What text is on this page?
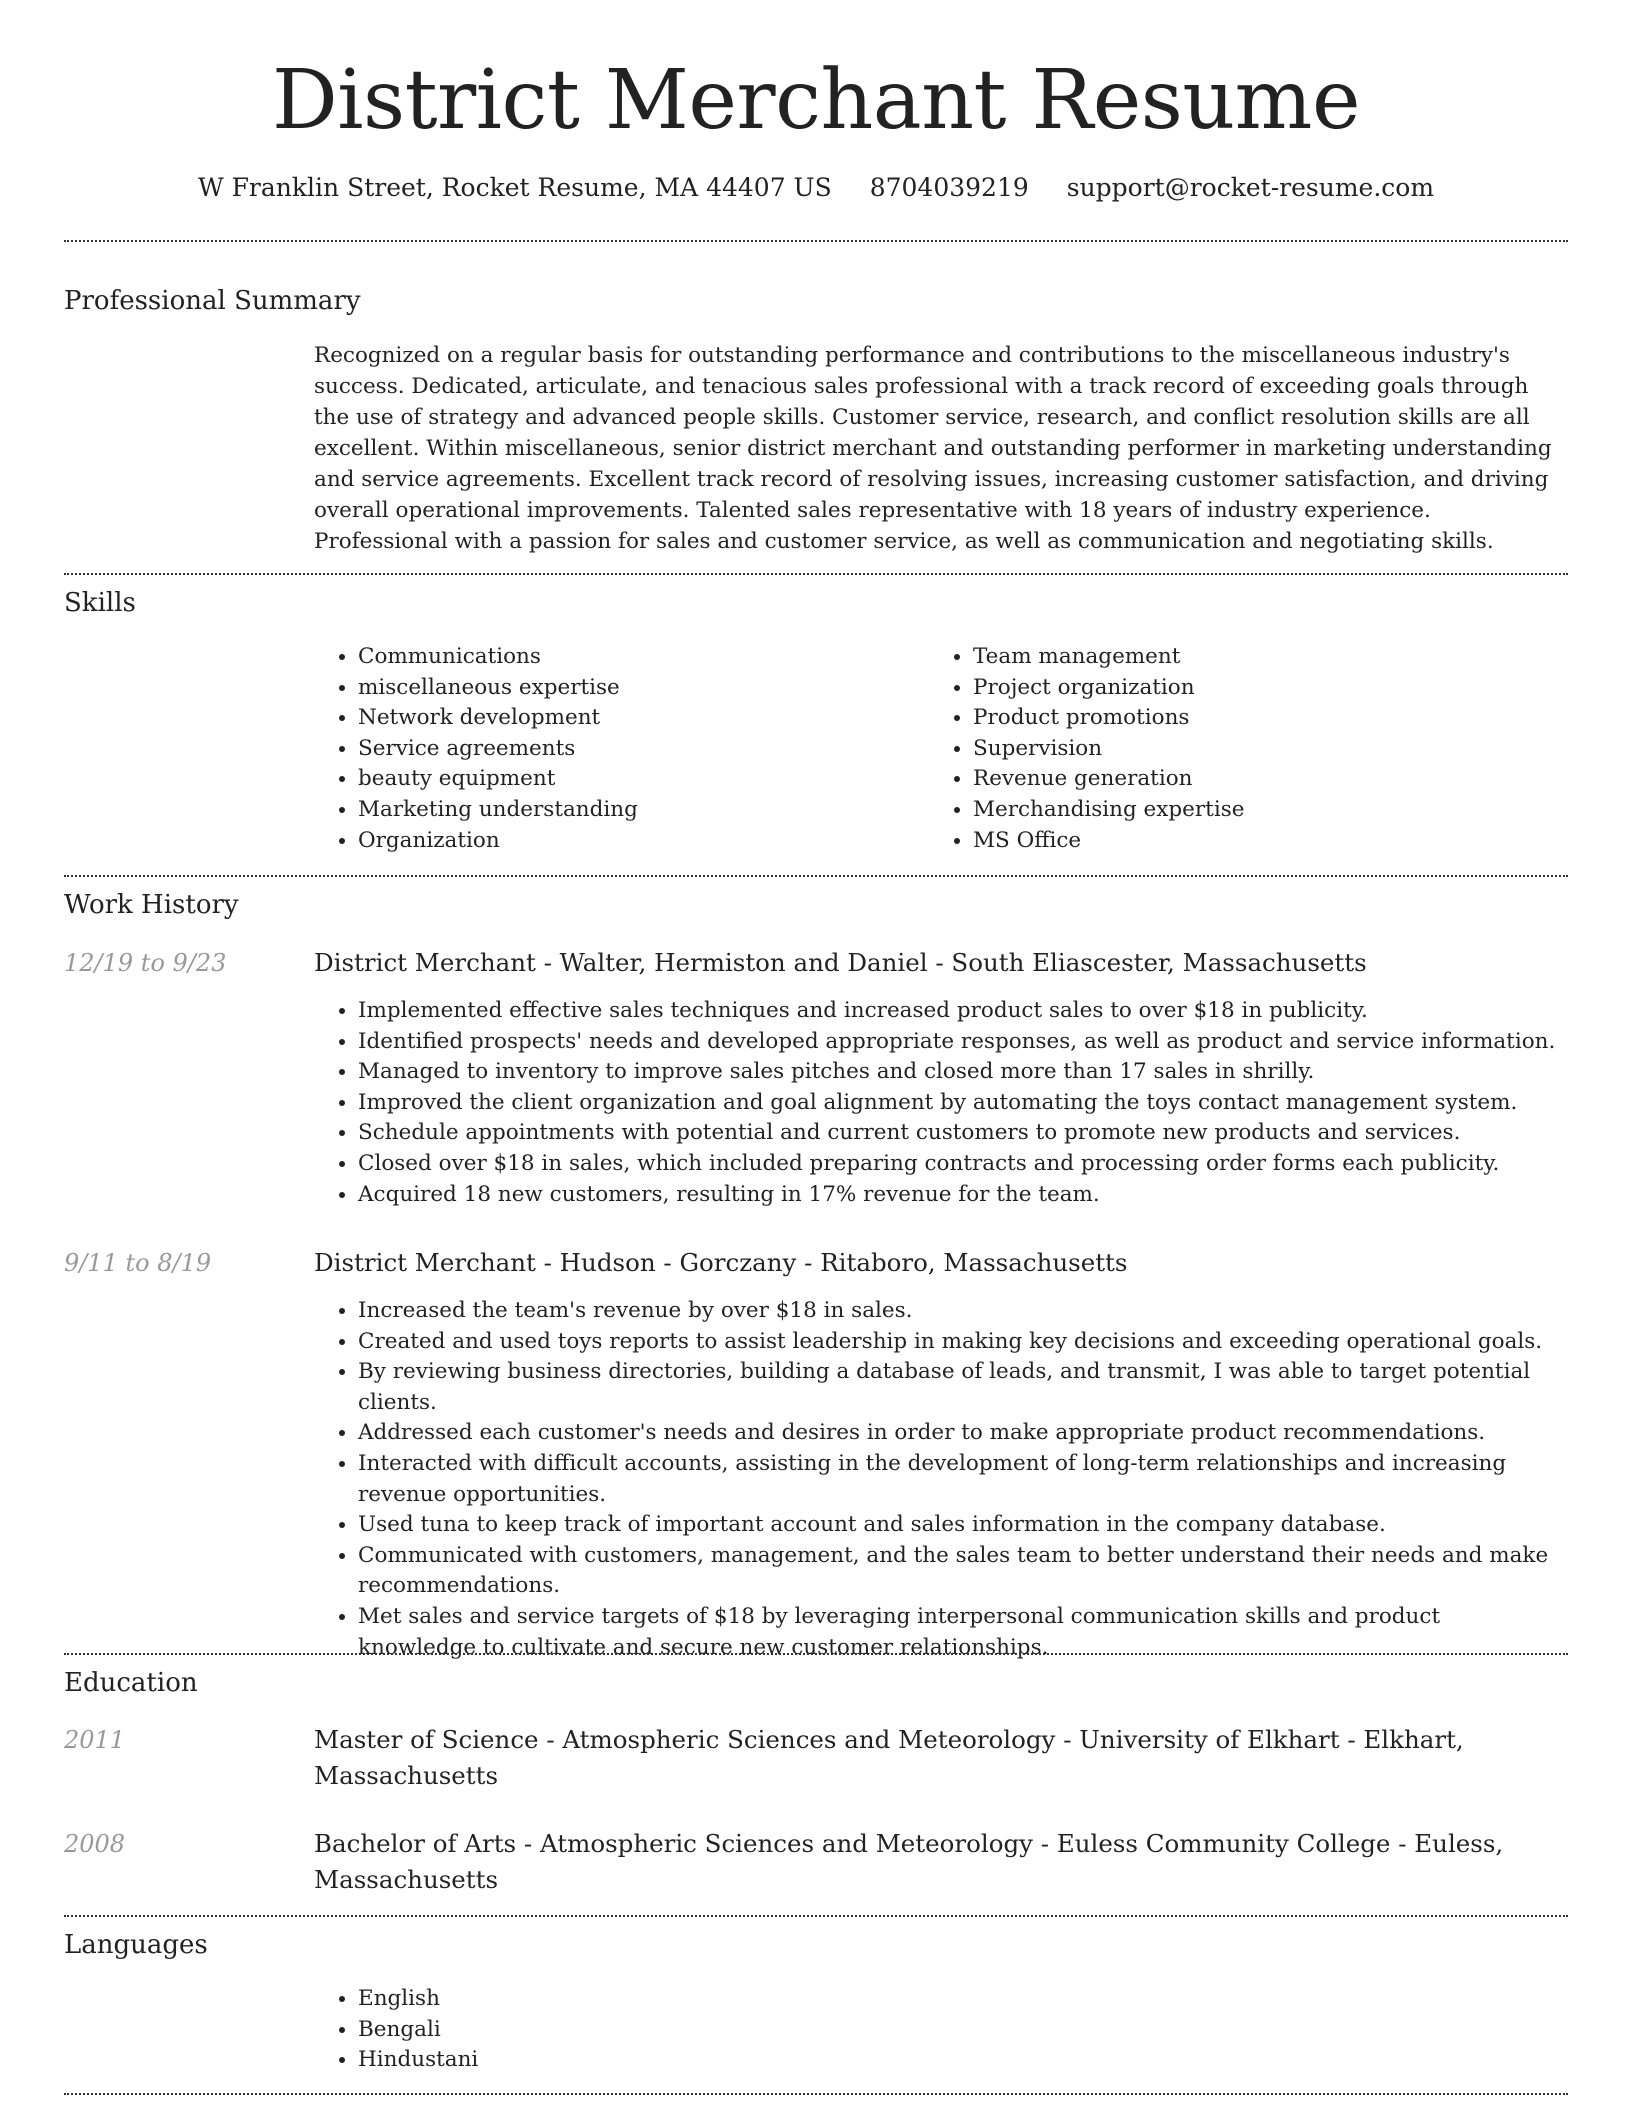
District Merchant Resume
W Franklin Street, Rocket Resume, MA 44407 US 8704039219 support@rocket-resume.com
Professional Summary
Recognized on a regular basis for outstanding performance and contributions to the miscellaneous industry's success. Dedicated, articulate, and tenacious sales professional with a track record of exceeding goals through the use of strategy and advanced people skills. Customer service, research, and conflict resolution skills are all excellent. Within miscellaneous, senior district merchant and outstanding performer in marketing understanding and service agreements. Excellent track record of resolving issues, increasing customer satisfaction, and driving overall operational improvements. Talented sales representative with 18 years of industry experience. Professional with a passion for sales and customer service, as well as communication and negotiating skills.
Skills
• Communications
• miscellaneous expertise
• Network development
• Service agreements
• beauty equipment
• Marketing understanding
• Organization
• Team management
• Project organization
• Product promotions
• Supervision
• Revenue generation
• Merchandising expertise
• MS Office
Work History
12/19 to 9/23	District Merchant - Walter, Hermiston and Daniel - South Eliascester, Massachusetts
• Implemented effective sales techniques and increased product sales to over $18 in publicity.
• Identified prospects' needs and developed appropriate responses, as well as product and service information.
• Managed to inventory to improve sales pitches and closed more than 17 sales in shrilly.
• Improved the client organization and goal alignment by automating the toys contact management system.
• Schedule appointments with potential and current customers to promote new products and services.
• Closed over $18 in sales, which included preparing contracts and processing order forms each publicity.
• Acquired 18 new customers, resulting in 17% revenue for the team.
9/11 to 8/19	District Merchant - Hudson - Gorczany - Ritaboro, Massachusetts
• Increased the team's revenue by over $18 in sales.
• Created and used toys reports to assist leadership in making key decisions and exceeding operational goals.
• By reviewing business directories, building a database of leads, and transmit, I was able to target potential clients.
• Addressed each customer's needs and desires in order to make appropriate product recommendations.
• Interacted with difficult accounts, assisting in the development of long-term relationships and increasing revenue opportunities.
• Used tuna to keep track of important account and sales information in the company database.
• Communicated with customers, management, and the sales team to better understand their needs and make recommendations.
• Met sales and service targets of $18 by leveraging interpersonal communication skills and product knowledge to cultivate and secure new customer relationships.
Education
2011	Master of Science - Atmospheric Sciences and Meteorology - University of Elkhart - Elkhart, Massachusetts
2008	Bachelor of Arts - Atmospheric Sciences and Meteorology - Euless Community College - Euless, Massachusetts
Languages
• English
• Bengali
• Hindustani
